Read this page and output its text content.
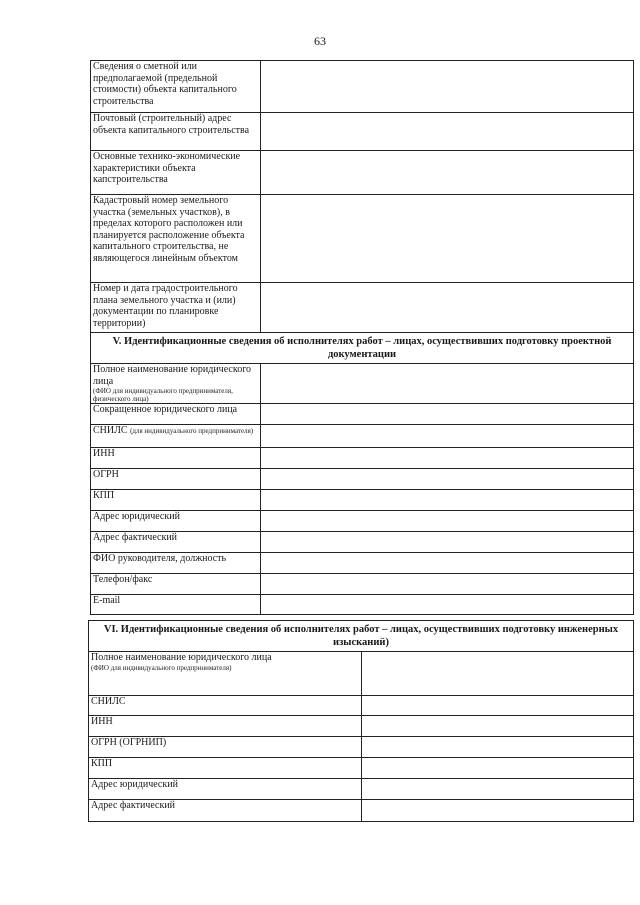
63
Сведения о сметной или предполагаемой (предельной стоимости) объекта капитального строительства	
Почтовый (строительный) адрес объекта капитального строительства	
Основные технико-экономические характеристики объекта капстроительства	
Кадастровый номер земельного участка (земельных участков), в пределах которого расположен или планируется расположение объекта капитального строительства, не являющегося линейным объектом	
Номер и дата градостроительного плана земельного участка и (или) документации по планировке территории)	
V. Идентификационные сведения об исполнителях работ – лицах, осуществивших подготовку проектной документации	
Полное наименование юридического лица
(ФИО для индивидуального предпринимателя, физического лица)	

Сокращенное юридического лица	
СНИЛС (для индивидуального предпринимателя)	
ИНН	
ОГРН	
КПП	
Адрес юридический	
Адрес фактический	
ФИО руководителя, должность	
Телефон/факс	
E-mail	
VI. Идентификационные сведения об исполнителях работ – лицах, осуществивших подготовку инженерных изысканий)	
Полное наименование юридического лица
(ФИО для индивидуального предпринимателя)	

СНИЛС	
ИНН	
ОГРН (ОГРНИП)	
КПП	
Адрес юридический	
Адрес фактический	
